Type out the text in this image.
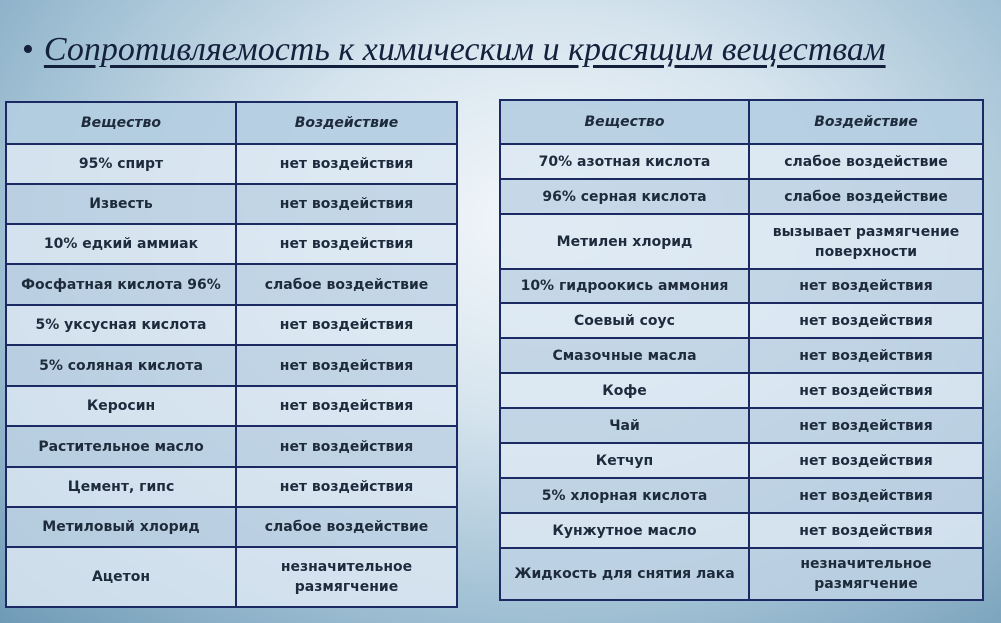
• Сопротивляемость к химическим и красящим веществам
Вещество	Воздействие
95% спирт	нет воздействия
Известь	нет воздействия
10% едкий аммиак	нет воздействия
Фосфатная кислота 96%	слабое воздействие
5% уксусная кислота	нет воздействия
5% соляная кислота	нет воздействия
Керосин	нет воздействия
Растительное масло	нет воздействия
Цемент, гипс	нет воздействия
Метиловый хлорид	слабое воздействие
Ацетон	незначительное размягчение
Вещество	Воздействие
70% азотная кислота	слабое воздействие
96% серная кислота	слабое воздействие
Метилен хлорид	вызывает размягчение поверхности
10% гидроокись аммония	нет воздействия
Соевый соус	нет воздействия
Смазочные масла	нет воздействия
Кофе	нет воздействия
Чай	нет воздействия
Кетчуп	нет воздействия
5% хлорная кислота	нет воздействия
Кунжутное масло	нет воздействия
Жидкость для снятия лака	незначительное размягчение
